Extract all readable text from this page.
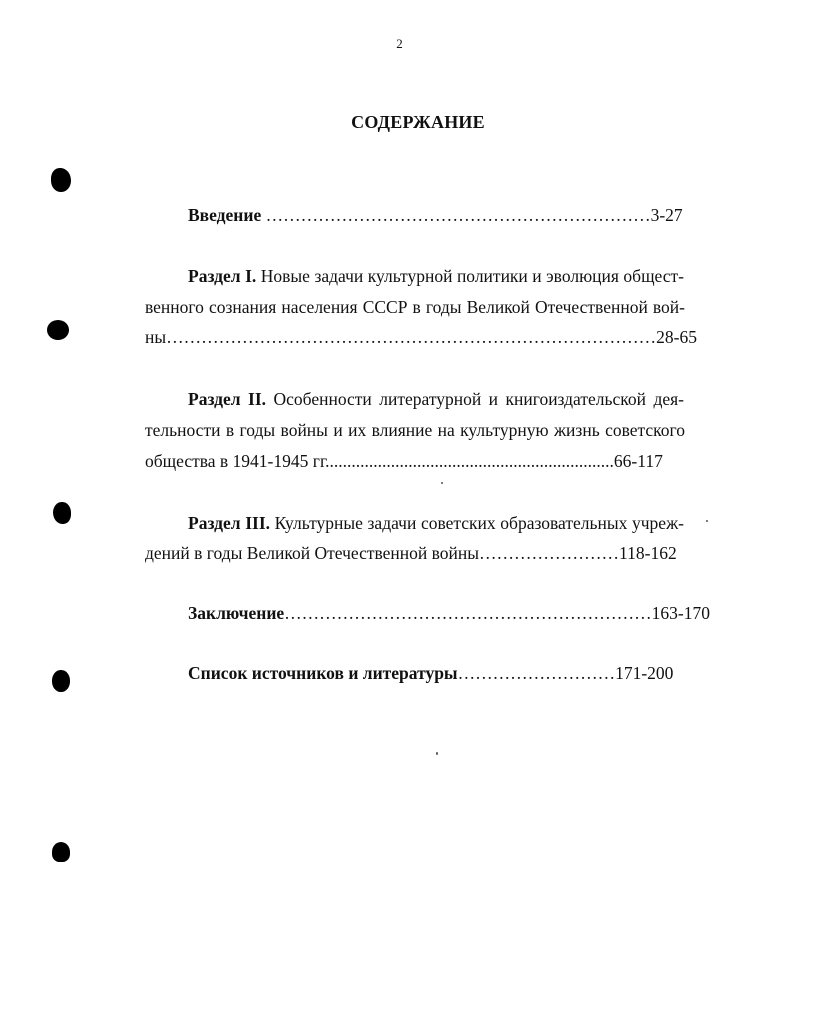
2
СОДЕРЖАНИЕ
Введение …………………………………………………………3-27
Раздел I. Новые задачи культурной политики и эволюция общест-
венного сознания населения СССР в годы Великой Отечественной вой-
ны…………………………………………………………………………28-65
Раздел II. Особенности литературной и книгоиздательской дея-
тельности в годы войны и их влияние на культурную жизнь советского
общества в 1941-1945 гг..................................................................66-117
Раздел III. Культурные задачи советских образовательных учреж-
дений в годы Великой Отечественной войны……………………118-162
Заключение………………………………………………………163-170
Список источников и литературы………………………171-200
